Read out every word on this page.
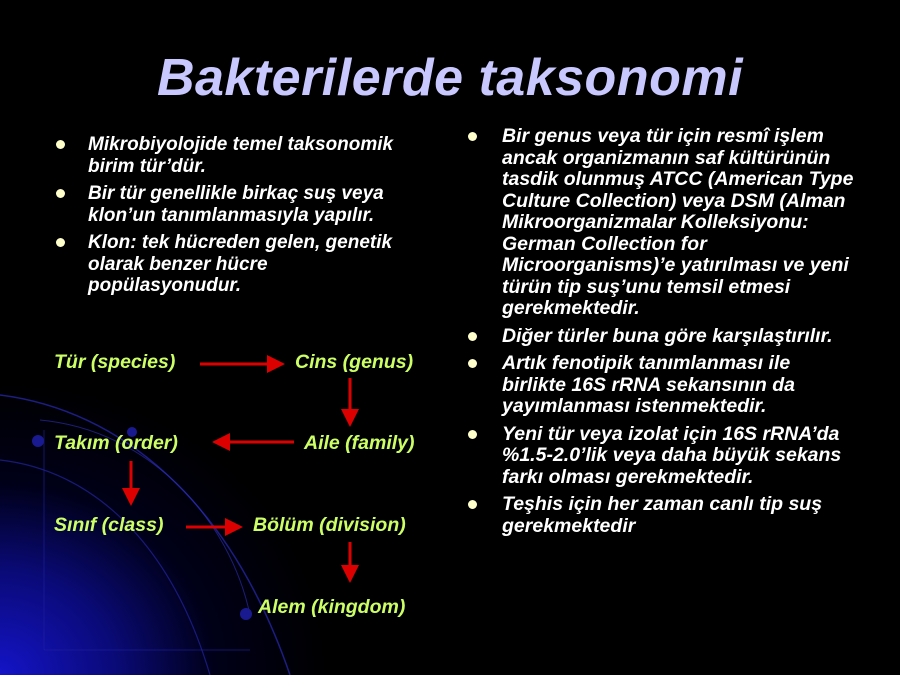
Bakterilerde taksonomi
Mikrobiyolojide temel taksonomik birim tür’dür.
Bir tür genellikle birkaç suş veya klon’un tanımlanmasıyla yapılır.
Klon: tek hücreden gelen, genetik olarak benzer hücre popülasyonudur.
Tür (species)	Cins (genus)
Takım (order)	Aile (family)
Sınıf (class)	Bölüm (division)
Alem (kingdom)
Bir genus veya tür için resmî işlem ancak organizmanın saf kültürünün tasdik olunmuş ATCC (American Type Culture Collection) veya DSM (Alman Mikroorganizmalar Kolleksiyonu: German Collection for Microorganisms)’e yatırılması ve yeni türün tip suş’unu temsil etmesi gerekmektedir.
Diğer türler buna göre karşılaştırılır.
Artık fenotipik tanımlanması ile birlikte 16S rRNA sekansının da yayımlanması istenmektedir.
Yeni tür veya izolat için 16S rRNA’da %1.5-2.0’lik veya daha büyük sekans farkı olması gerekmektedir.
Teşhis için her zaman canlı tip suş gerekmektedir
